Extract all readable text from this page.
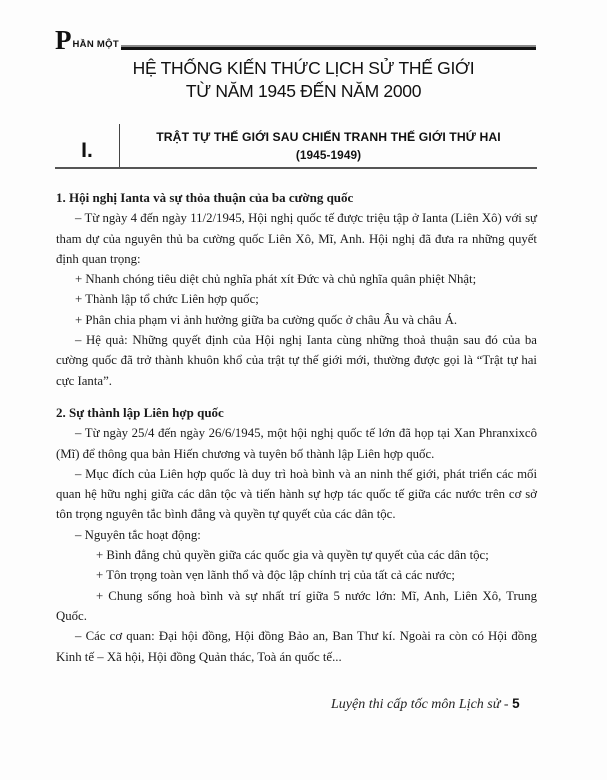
P HẦN MỘT
HỆ THỐNG KIẾN THỨC LỊCH SỬ THẾ GIỚI
TỪ NĂM 1945 ĐẾN NĂM 2000
I.
TRẬT TỰ THẾ GIỚI SAU CHIẾN TRANH THẾ GIỚI THỨ HAI
(1945-1949)

1. Hội nghị Ianta và sự thỏa thuận của ba cường quốc

– Từ ngày 4 đến ngày 11/2/1945, Hội nghị quốc tế được triệu tập ở Ianta (Liên Xô) với sự tham dự của nguyên thủ ba cường quốc Liên Xô, Mĩ, Anh. Hội nghị đã đưa ra những quyết định quan trọng:

+ Nhanh chóng tiêu diệt chủ nghĩa phát xít Đức và chủ nghĩa quân phiệt Nhật;

+ Thành lập tổ chức Liên hợp quốc;

+ Phân chia phạm vi ảnh hưởng giữa ba cường quốc ở châu Âu và châu Á.

– Hệ quả: Những quyết định của Hội nghị Ianta cùng những thoả thuận sau đó của ba cường quốc đã trở thành khuôn khổ của trật tự thế giới mới, thường được gọi là “Trật tự hai cực Ianta”.

2. Sự thành lập Liên hợp quốc

– Từ ngày 25/4 đến ngày 26/6/1945, một hội nghị quốc tế lớn đã họp tại Xan Phranxixcô (Mĩ) để thông qua bản Hiến chương và tuyên bố thành lập Liên hợp quốc.

– Mục đích của Liên hợp quốc là duy trì hoà bình và an ninh thế giới, phát triển các mối quan hệ hữu nghị giữa các dân tộc và tiến hành sự hợp tác quốc tế giữa các nước trên cơ sở tôn trọng nguyên tắc bình đẳng và quyền tự quyết của các dân tộc.

– Nguyên tắc hoạt động:

+ Bình đẳng chủ quyền giữa các quốc gia và quyền tự quyết của các dân tộc;

+ Tôn trọng toàn vẹn lãnh thổ và độc lập chính trị của tất cả các nước;

+ Chung sống hoà bình và sự nhất trí giữa 5 nước lớn: Mĩ, Anh, Liên Xô, Trung Quốc.

– Các cơ quan: Đại hội đồng, Hội đồng Bảo an, Ban Thư kí. Ngoài ra còn có Hội đồng Kinh tế – Xã hội, Hội đồng Quản thác, Toà án quốc tế...

Luyện thi cấp tốc môn Lịch sử - 5
